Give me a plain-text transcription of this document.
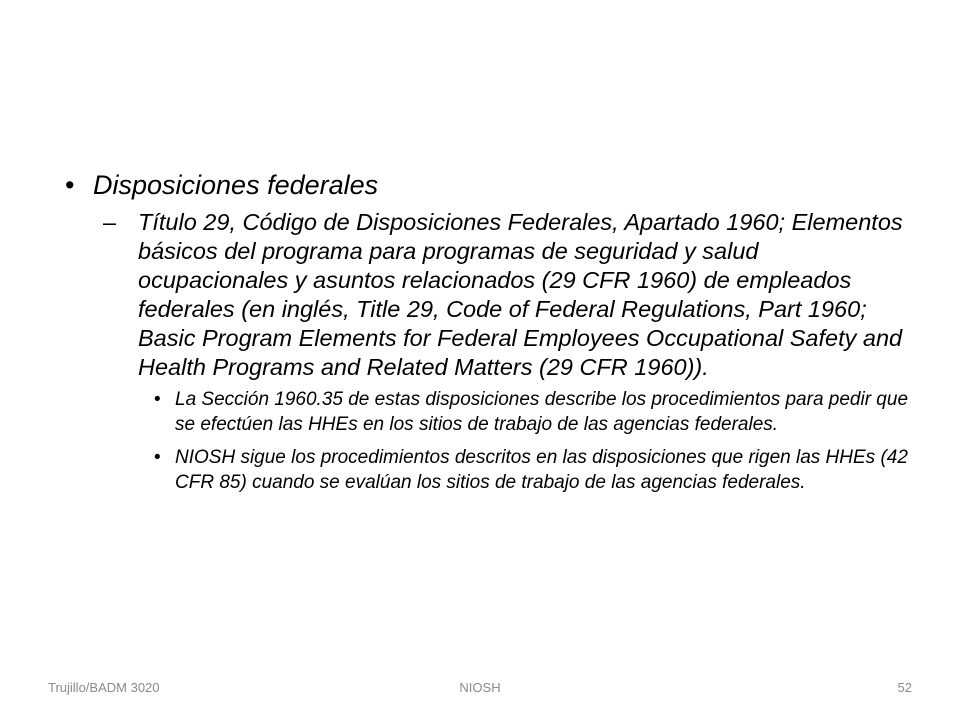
• Disposiciones federales
– Título 29, Código de Disposiciones Federales, Apartado 1960; Elementos básicos del programa para programas de seguridad y salud ocupacionales y asuntos relacionados (29 CFR 1960) de empleados federales (en inglés, Title 29, Code of Federal Regulations, Part 1960; Basic Program Elements for Federal Employees Occupational Safety and Health Programs and Related Matters (29 CFR 1960)).
• La Sección 1960.35 de estas disposiciones describe los procedimientos para pedir que se efectúen las HHEs en los sitios de trabajo de las agencias federales.
• NIOSH sigue los procedimientos descritos en las disposiciones que rigen las HHEs (42 CFR 85) cuando se evalúan los sitios de trabajo de las agencias federales.
Trujillo/BADM 3020	NIOSH	52
